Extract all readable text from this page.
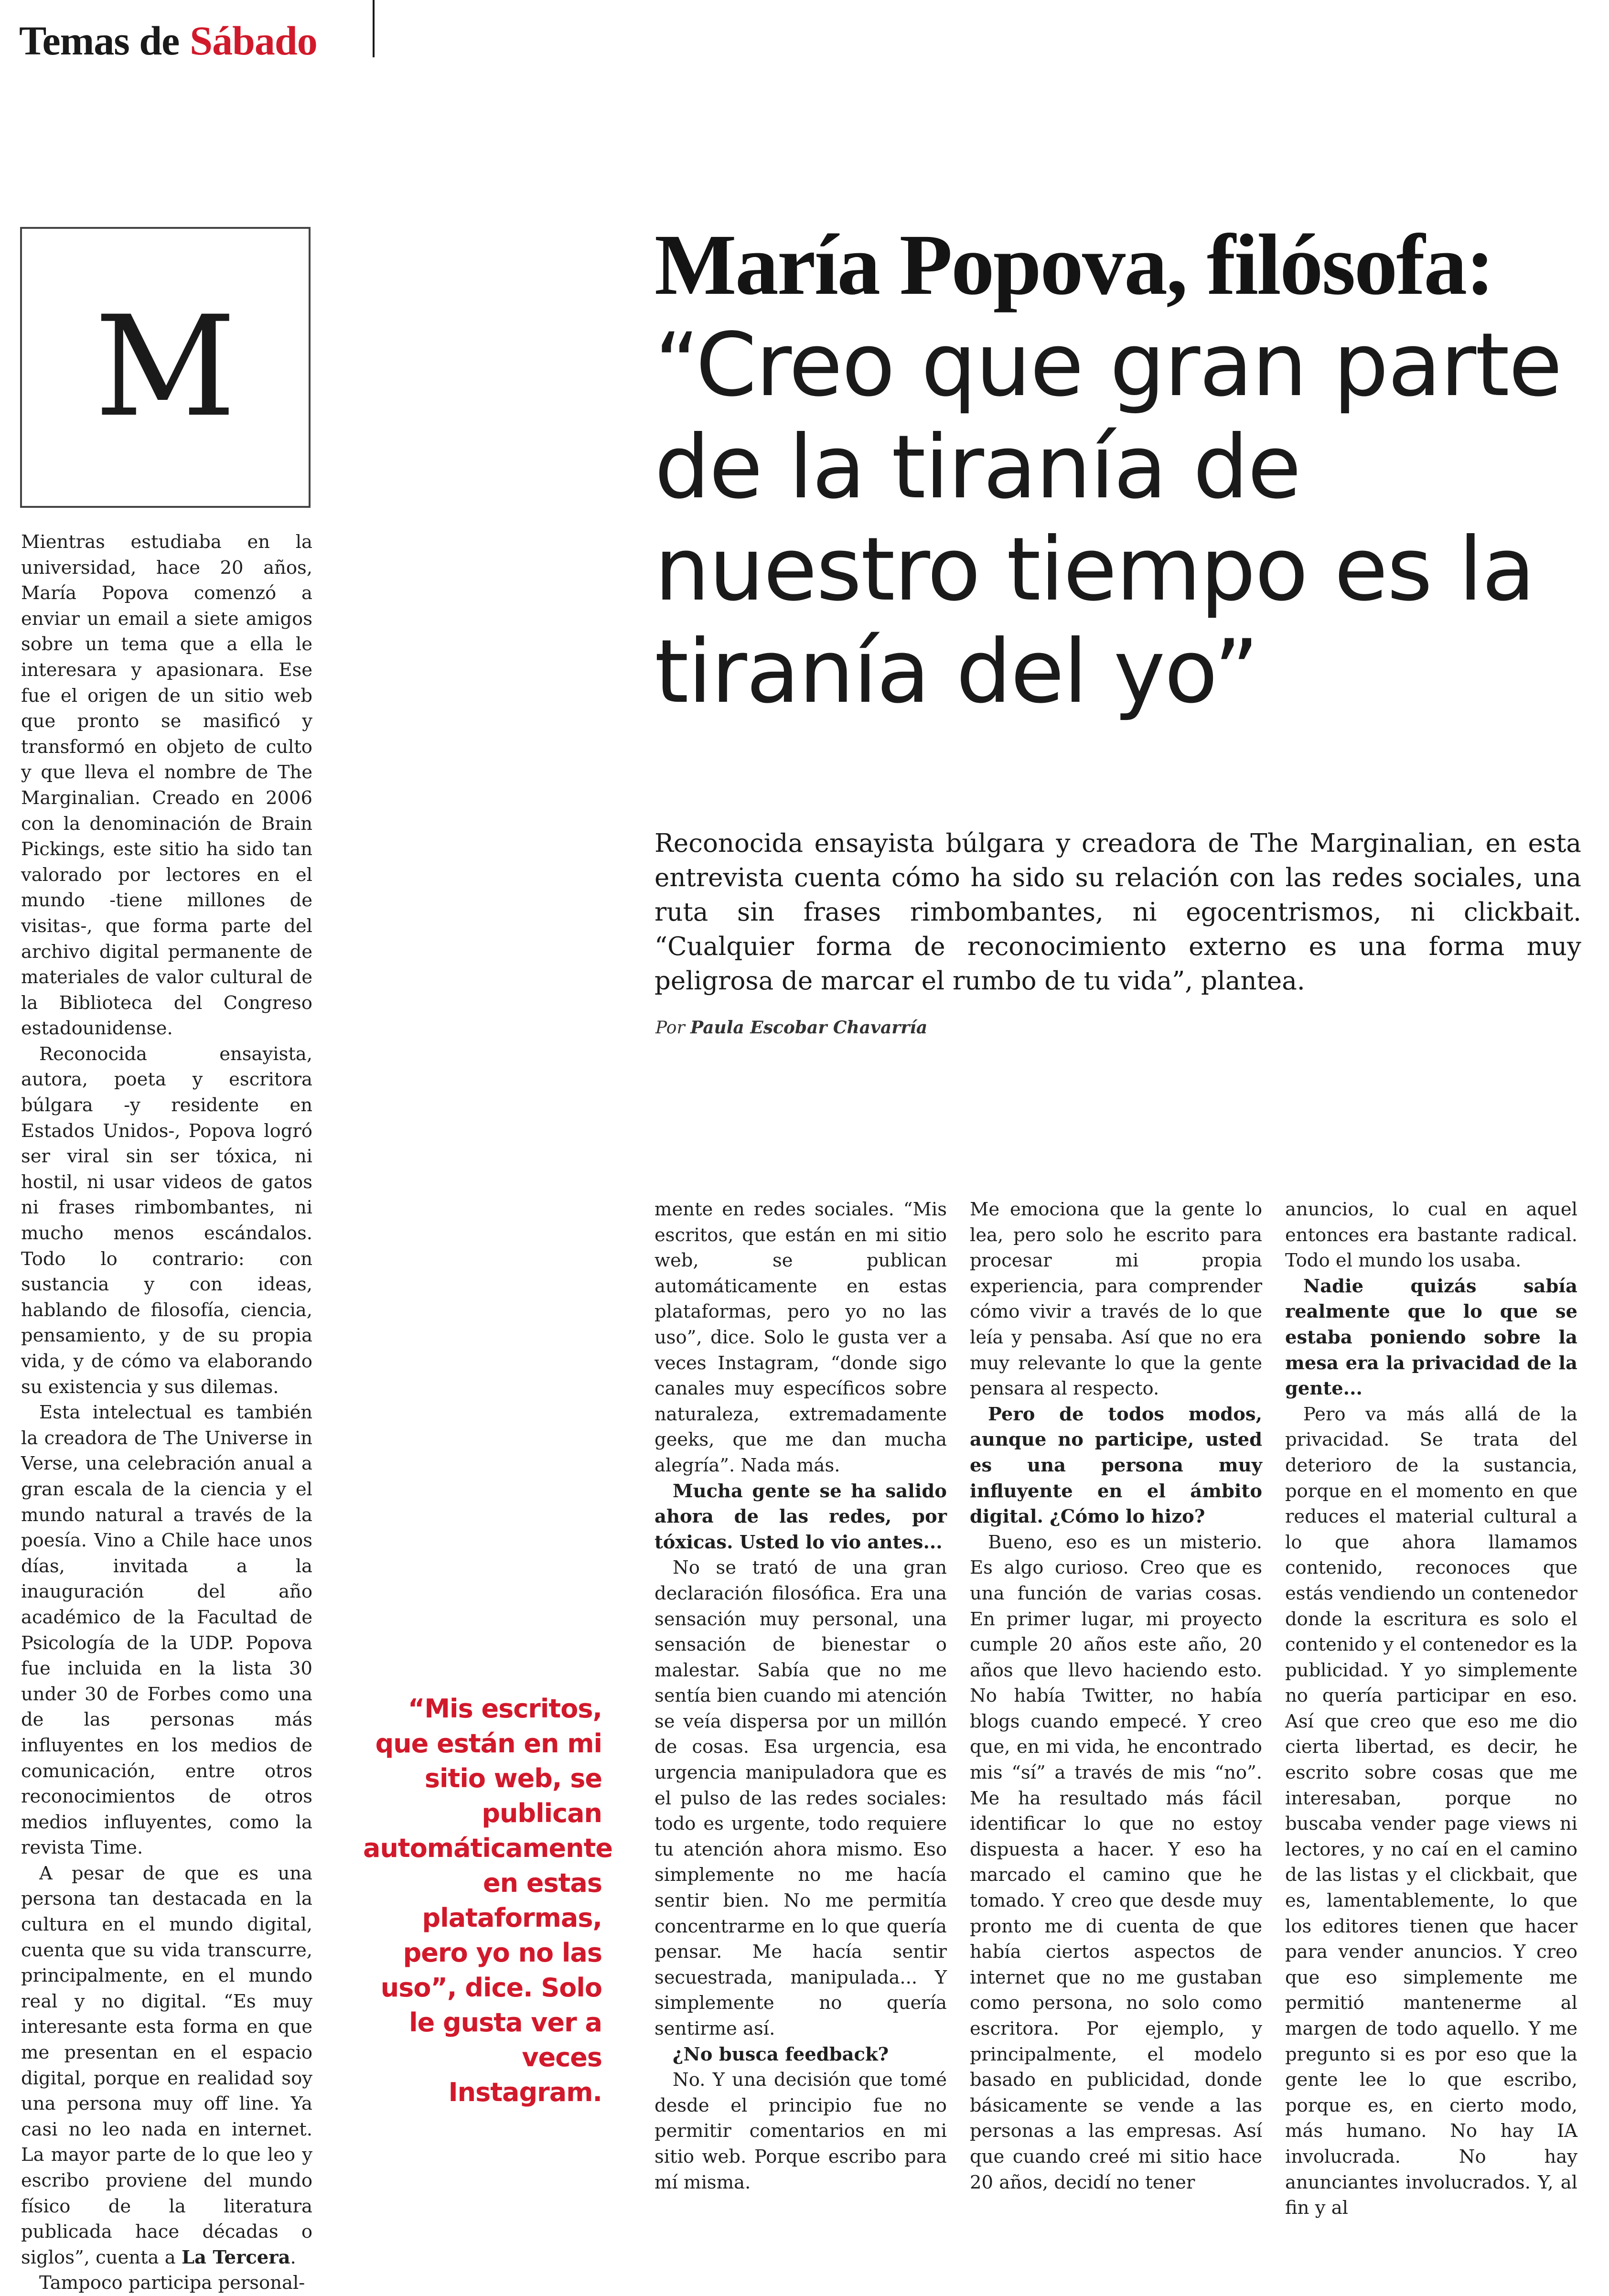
Temas de Sábado
M
María Popova, filósofa:
“Creo que gran parte de la tiranía de nuestro tiempo es la tiranía del yo”
Reconocida ensayista búlgara y creadora de The Marginalian, en esta entrevista cuenta cómo ha sido su relación con las redes sociales, una ruta sin frases rimbombantes, ni egocentrismos, ni clickbait. “Cualquier forma de reconocimiento externo es una forma muy peligrosa de marcar el rumbo de tu vida”, plantea.
Por Paula Escobar Chavarría

Mientras estudiaba en la universidad, hace 20 años, María Popova comenzó a enviar un email a siete amigos sobre un tema que a ella le interesara y apasionara. Ese fue el origen de un sitio web que pronto se masificó y transformó en objeto de culto y que lleva el nombre de The Marginalian. Creado en 2006 con la denominación de Brain Pickings, este sitio ha sido tan valorado por lectores en el mundo -tiene millones de visitas-, que forma parte del archivo digital permanente de materiales de valor cultural de la Biblioteca del Congreso estadounidense.

Reconocida ensayista, autora, poeta y escritora búlgara -y residente en Estados Unidos-, Popova logró ser viral sin ser tóxica, ni hostil, ni usar videos de gatos ni frases rimbombantes, ni mucho menos escándalos. Todo lo contrario: con sustancia y con ideas, hablando de filosofía, ciencia, pensamiento, y de su propia vida, y de cómo va elaborando su existencia y sus dilemas.

Esta intelectual es también la creadora de The Universe in Verse, una celebración anual a gran escala de la ciencia y el mundo natural a través de la poesía. Vino a Chile hace unos días, invitada a la inauguración del año académico de la Facultad de Psicología de la UDP. Popova fue incluida en la lista 30 under 30 de Forbes como una de las personas más influyentes en los medios de comunicación, entre otros reconocimientos de otros medios influyentes, como la revista Time.

A pesar de que es una persona tan destacada en la cultura en el mundo digital, cuenta que su vida transcurre, principalmente, en el mundo real y no digital. “Es muy interesante esta forma en que me presentan en el espacio digital, porque en realidad soy una persona muy off line. Ya casi no leo nada en internet. La mayor parte de lo que leo y escribo proviene del mundo físico de la literatura publicada hace décadas o siglos”, cuenta a La Tercera.

Tampoco participa personal-

“Mis escritos, que están en mi sitio web, se publican automáticamente en estas plataformas, pero yo no las uso”, dice. Solo le gusta ver a veces Instagram.

mente en redes sociales. “Mis escritos, que están en mi sitio web, se publican automáticamente en estas plataformas, pero yo no las uso”, dice. Solo le gusta ver a veces Instagram, “donde sigo canales muy específicos sobre naturaleza, extremadamente geeks, que me dan mucha alegría”. Nada más.

Mucha gente se ha salido ahora de las redes, por tóxicas. Usted lo vio antes...

No se trató de una gran declaración filosófica. Era una sensación muy personal, una sensación de bienestar o malestar. Sabía que no me sentía bien cuando mi atención se veía dispersa por un millón de cosas. Esa urgencia, esa urgencia manipuladora que es el pulso de las redes sociales: todo es urgente, todo requiere tu atención ahora mismo. Eso simplemente no me hacía sentir bien. No me permitía concentrarme en lo que quería pensar. Me hacía sentir secuestrada, manipulada... Y simplemente no quería sentirme así.

¿No busca feedback?

No. Y una decisión que tomé desde el principio fue no permitir comentarios en mi sitio web. Porque escribo para mí misma.

Me emociona que la gente lo lea, pero solo he escrito para procesar mi propia experiencia, para comprender cómo vivir a través de lo que leía y pensaba. Así que no era muy relevante lo que la gente pensara al respecto.

Pero de todos modos, aunque no participe, usted es una persona muy influyente en el ámbito digital. ¿Cómo lo hizo?

Bueno, eso es un misterio. Es algo curioso. Creo que es una función de varias cosas. En primer lugar, mi proyecto cumple 20 años este año, 20 años que llevo haciendo esto. No había Twitter, no había blogs cuando empecé. Y creo que, en mi vida, he encontrado mis “sí” a través de mis “no”. Me ha resultado más fácil identificar lo que no estoy dispuesta a hacer. Y eso ha marcado el camino que he tomado. Y creo que desde muy pronto me di cuenta de que había ciertos aspectos de internet que no me gustaban como persona, no solo como escritora. Por ejemplo, y principalmente, el modelo basado en publicidad, donde básicamente se vende a las personas a las empresas. Así que cuando creé mi sitio hace 20 años, decidí no tener

anuncios, lo cual en aquel entonces era bastante radical. Todo el mundo los usaba.

Nadie quizás sabía realmente que lo que se estaba poniendo sobre la mesa era la privacidad de la gente...

Pero va más allá de la privacidad. Se trata del deterioro de la sustancia, porque en el momento en que reduces el material cultural a lo que ahora llamamos contenido, reconoces que estás vendiendo un contenedor donde la escritura es solo el contenido y el contenedor es la publicidad. Y yo simplemente no quería participar en eso. Así que creo que eso me dio cierta libertad, es decir, he escrito sobre cosas que me interesaban, porque no buscaba vender page views ni lectores, y no caí en el camino de las listas y el clickbait, que es, lamentablemente, lo que los editores tienen que hacer para vender anuncios. Y creo que eso simplemente me permitió mantenerme al margen de todo aquello. Y me pregunto si es por eso que la gente lee lo que escribo, porque es, en cierto modo, más humano. No hay IA involucrada. No hay anunciantes involucrados. Y, al fin y al
